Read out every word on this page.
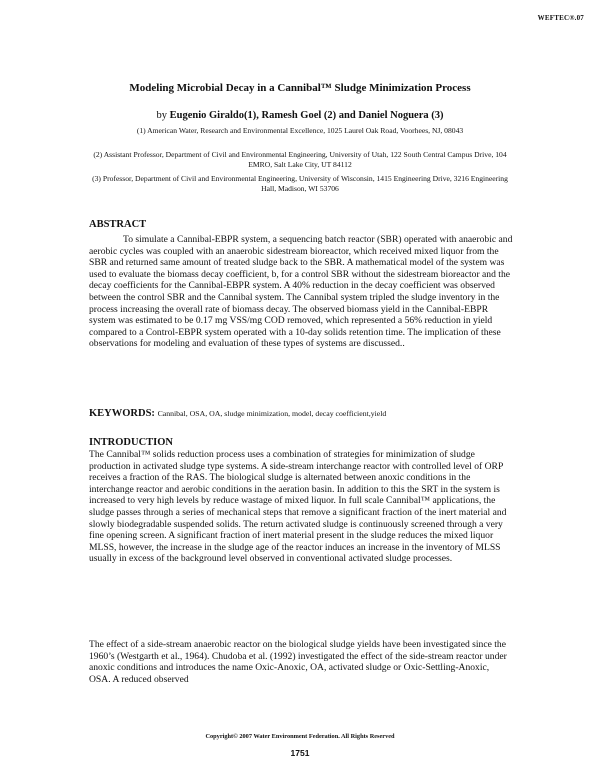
WEFTEC®.07
Modeling Microbial Decay in a Cannibal™ Sludge Minimization Process
by Eugenio Giraldo(1), Ramesh Goel (2) and Daniel Noguera (3)
(1) American Water, Research and Environmental Excellence, 1025 Laurel Oak Road, Voorhees, NJ, 08043
(2) Assistant Professor, Department of Civil and Environmental Engineering, University of Utah, 122 South Central Campus Drive, 104 EMRO, Salt Lake City, UT 84112
(3) Professor, Department of Civil and Environmental Engineering, University of Wisconsin, 1415 Engineering Drive, 3216 Engineering Hall, Madison, WI 53706
ABSTRACT
To simulate a Cannibal-EBPR system, a sequencing batch reactor (SBR) operated with anaerobic and aerobic cycles was coupled with an anaerobic sidestream bioreactor, which received mixed liquor from the SBR and returned same amount of treated sludge back to the SBR. A mathematical model of the system was used to evaluate the biomass decay coefficient, b, for a control SBR without the sidestream bioreactor and the decay coefficients for the Cannibal-EBPR system. A 40% reduction in the decay coefficient was observed between the control SBR and the Cannibal system. The Cannibal system tripled the sludge inventory in the process increasing the overall rate of biomass decay. The observed biomass yield in the Cannibal-EBPR system was estimated to be 0.17 mg VSS/mg COD removed, which represented a 56% reduction in yield compared to a Control-EBPR system operated with a 10-day solids retention time. The implication of these observations for modeling and evaluation of these types of systems are discussed..
KEYWORDS: Cannibal, OSA, OA, sludge minimization, model, decay coefficient,yield
INTRODUCTION
The Cannibal™ solids reduction process uses a combination of strategies for minimization of sludge production in activated sludge type systems. A side-stream interchange reactor with controlled level of ORP receives a fraction of the RAS. The biological sludge is alternated between anoxic conditions in the interchange reactor and aerobic conditions in the aeration basin. In addition to this the SRT in the system is increased to very high levels by reduce wastage of mixed liquor. In full scale Cannibal™ applications, the sludge passes through a series of mechanical steps that remove a significant fraction of the inert material and slowly biodegradable suspended solids. The return activated sludge is continuously screened through a very fine opening screen. A significant fraction of inert material present in the sludge reduces the mixed liquor MLSS, however, the increase in the sludge age of the reactor induces an increase in the inventory of MLSS usually in excess of the background level observed in conventional activated sludge processes.
The effect of a side-stream anaerobic reactor on the biological sludge yields have been investigated since the 1960’s (Westgarth et al., 1964). Chudoba et al. (1992) investigated the effect of the side-stream reactor under anoxic conditions and introduces the name Oxic-Anoxic, OA, activated sludge or Oxic-Settling-Anoxic, OSA. A reduced observed
Copyright© 2007 Water Environment Federation. All Rights Reserved
1751
